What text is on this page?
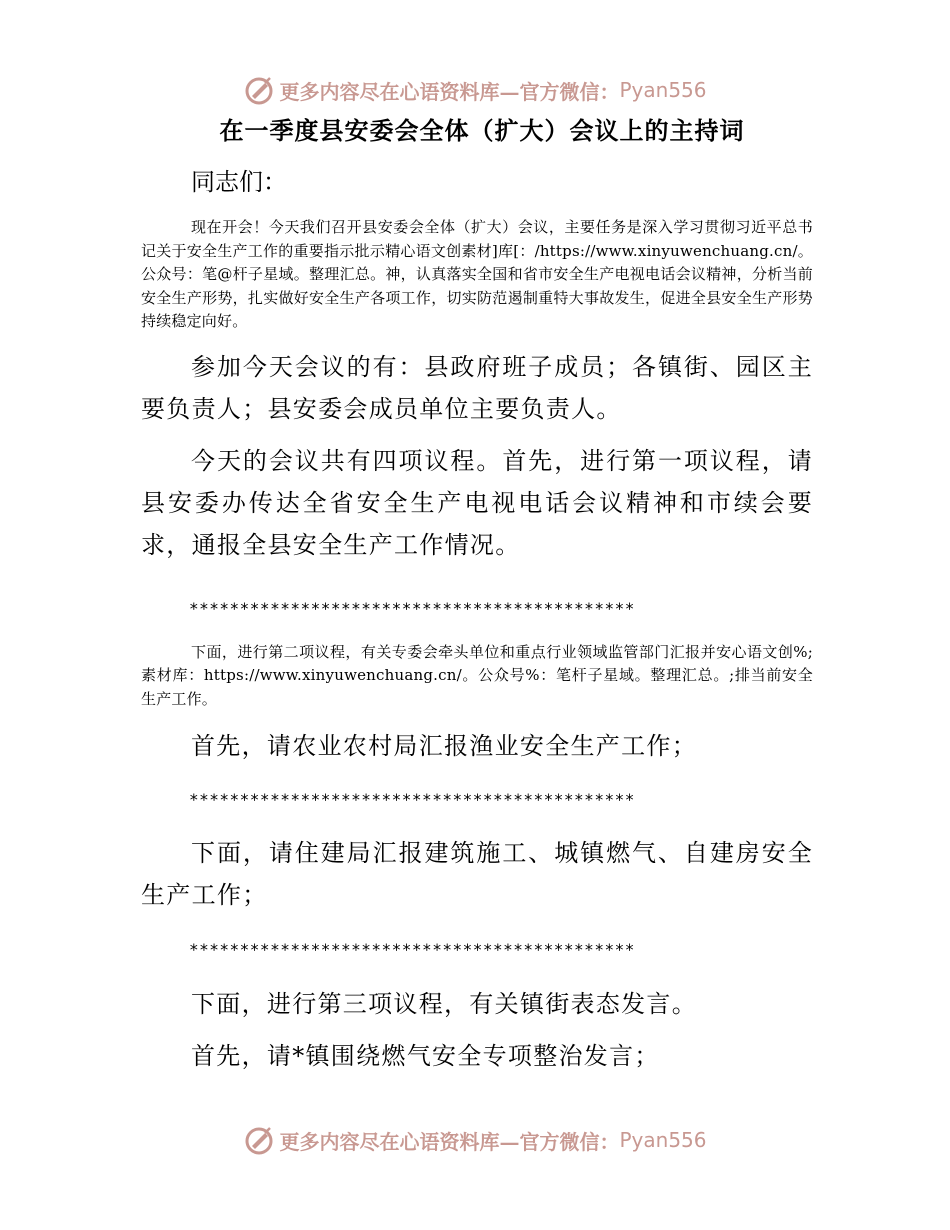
更多内容尽在心语资料库—官方微信： Pyan556
在一季度县安委会全体（扩大）会议上的主持词

同志们：

现在开会！今天我们召开县安委会全体（扩大）会议，主要任务是深入学习贯彻习近平总书记关于安全生产工作的重要指示批示精心语文创素材]库[：/https://www.xinyuwenchuang.cn/。公众号：笔@杆子星域。整理汇总。神，认真落实全国和省市安全生产电视电话会议精神，分析当前安全生产形势，扎实做好安全生产各项工作，切实防范遏制重特大事故发生，促进全县安全生产形势持续稳定向好。

参加今天会议的有：县政府班子成员；各镇街、园区主要负责人；县安委会成员单位主要负责人。

今天的会议共有四项议程。首先，进行第一项议程，请县安委办传达全省安全生产电视电话会议精神和市续会要求，通报全县安全生产工作情况。

********************************************

下面，进行第二项议程，有关专委会牵头单位和重点行业领域监管部门汇报并安心语文创%;素材库：https://www.xinyuwenchuang.cn/。公众号%：笔杆子星域。整理汇总。;排当前安全生产工作。

首先，请农业农村局汇报渔业安全生产工作；

********************************************

下面，请住建局汇报建筑施工、城镇燃气、自建房安全生产工作；

********************************************

下面，进行第三项议程，有关镇街表态发言。

首先，请*镇围绕燃气安全专项整治发言；

更多内容尽在心语资料库—官方微信： Pyan556
